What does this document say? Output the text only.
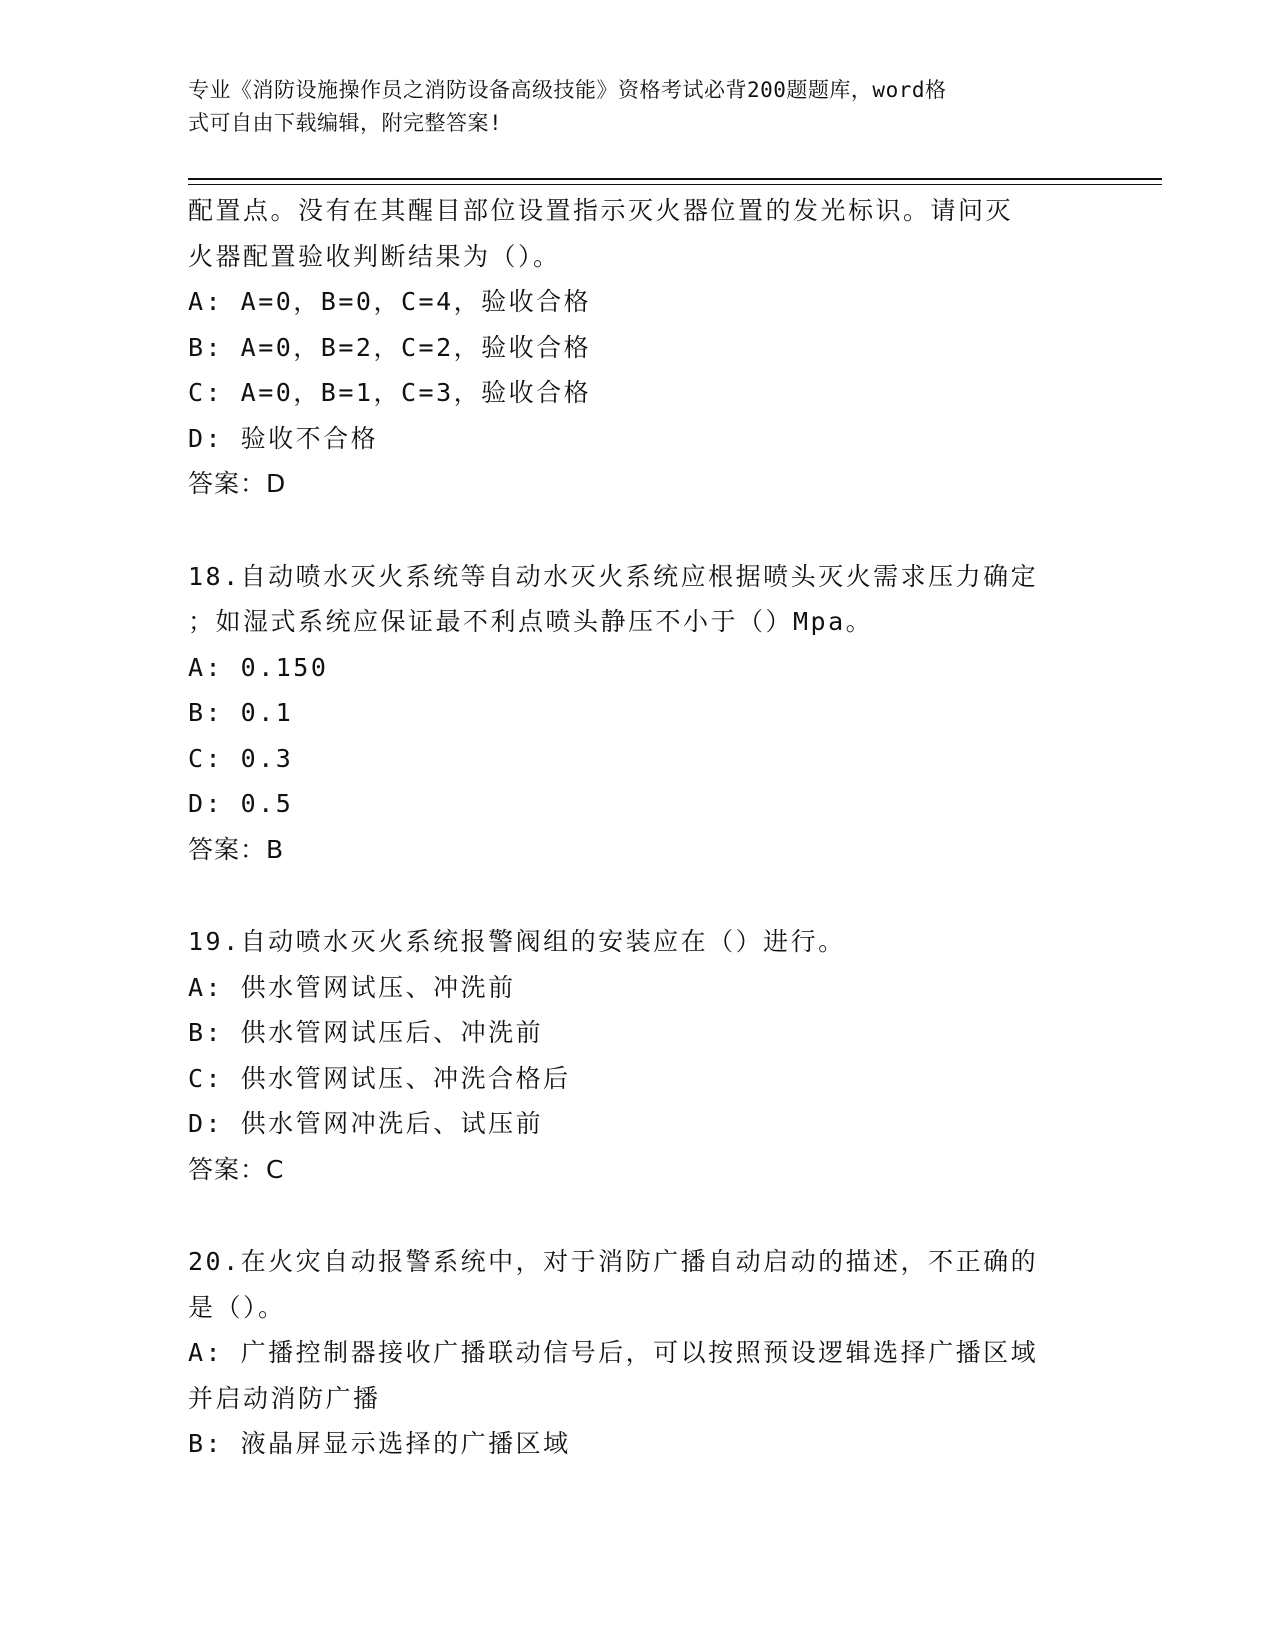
专业《消防设施操作员之消防设备高级技能》资格考试必背200题题库，word格
式可自由下载编辑，附完整答案!
配置点。没有在其醒目部位设置指示灭火器位置的发光标识。请问灭
火器配置验收判断结果为（）。
A: A=0，B=0，C=4，验收合格
B: A=0，B=2，C=2，验收合格
C: A=0，B=1，C=3，验收合格
D: 验收不合格
答案：D
18.自动喷水灭火系统等自动水灭火系统应根据喷头灭火需求压力确定
；如湿式系统应保证最不利点喷头静压不小于（）Mpa。
A: 0.150
B: 0.1
C: 0.3
D: 0.5
答案：B
19.自动喷水灭火系统报警阀组的安装应在（）进行。
A: 供水管网试压、冲洗前
B: 供水管网试压后、冲洗前
C: 供水管网试压、冲洗合格后
D: 供水管网冲洗后、试压前
答案：C
20.在火灾自动报警系统中，对于消防广播自动启动的描述，不正确的
是（）。
A: 广播控制器接收广播联动信号后，可以按照预设逻辑选择广播区域
并启动消防广播
B: 液晶屏显示选择的广播区域
